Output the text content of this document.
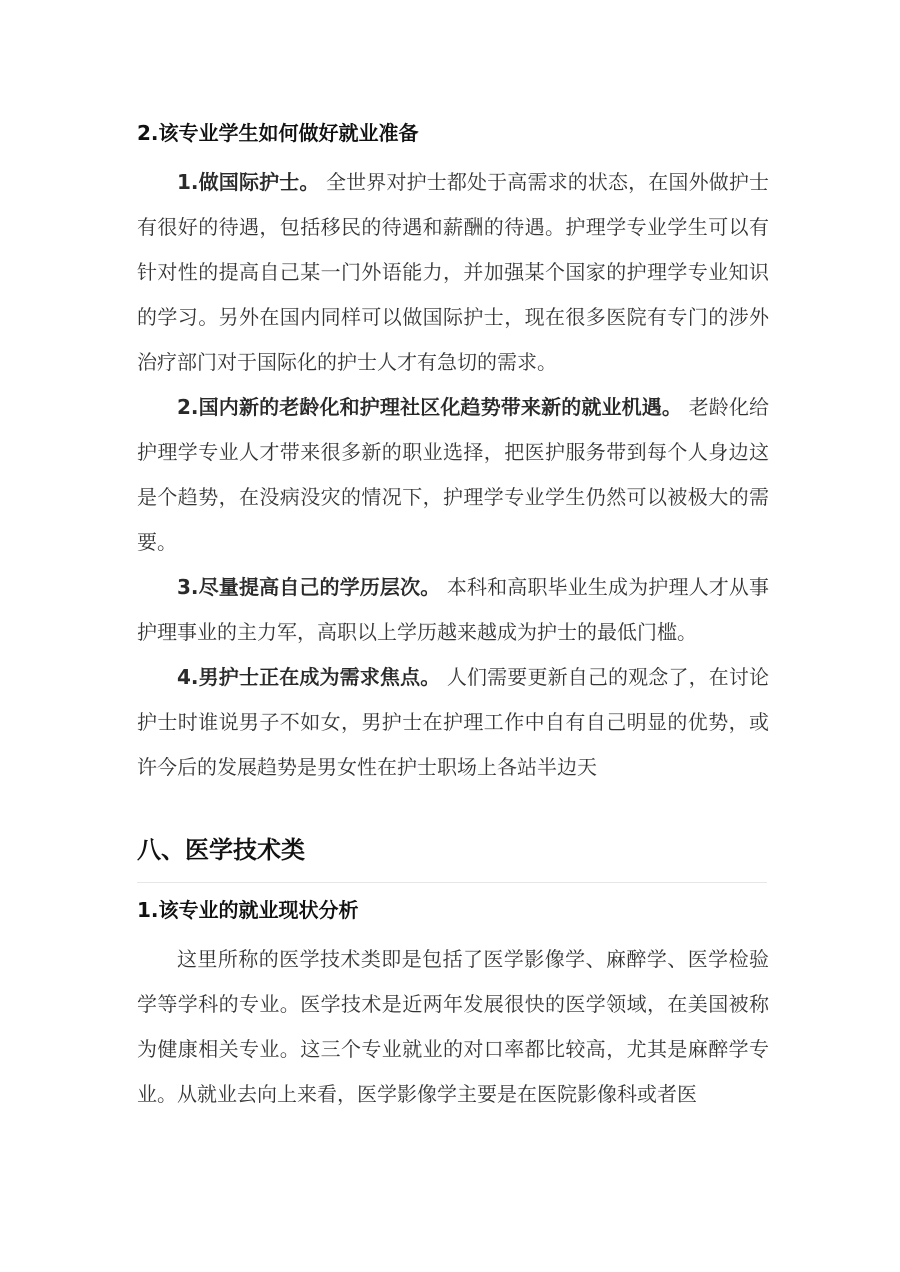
2.该专业学生如何做好就业准备

1.做国际护士。 全世界对护士都处于高需求的状态，在国外做护士有很好的待遇，包括移民的待遇和薪酬的待遇。护理学专业学生可以有针对性的提高自己某一门外语能力，并加强某个国家的护理学专业知识的学习。另外在国内同样可以做国际护士，现在很多医院有专门的涉外治疗部门对于国际化的护士人才有急切的需求。

2.国内新的老龄化和护理社区化趋势带来新的就业机遇。 老龄化给护理学专业人才带来很多新的职业选择，把医护服务带到每个人身边这是个趋势，在没病没灾的情况下，护理学专业学生仍然可以被极大的需要。

3.尽量提高自己的学历层次。 本科和高职毕业生成为护理人才从事护理事业的主力军，高职以上学历越来越成为护士的最低门槛。

4.男护士正在成为需求焦点。 人们需要更新自己的观念了，在讨论护士时谁说男子不如女，男护士在护理工作中自有自己明显的优势，或许今后的发展趋势是男女性在护士职场上各站半边天

八、医学技术类
1.该专业的就业现状分析

这里所称的医学技术类即是包括了医学影像学、麻醉学、医学检验学等学科的专业。医学技术是近两年发展很快的医学领域，在美国被称为健康相关专业。这三个专业就业的对口率都比较高，尤其是麻醉学专业。从就业去向上来看，医学影像学主要是在医院影像科或者医
